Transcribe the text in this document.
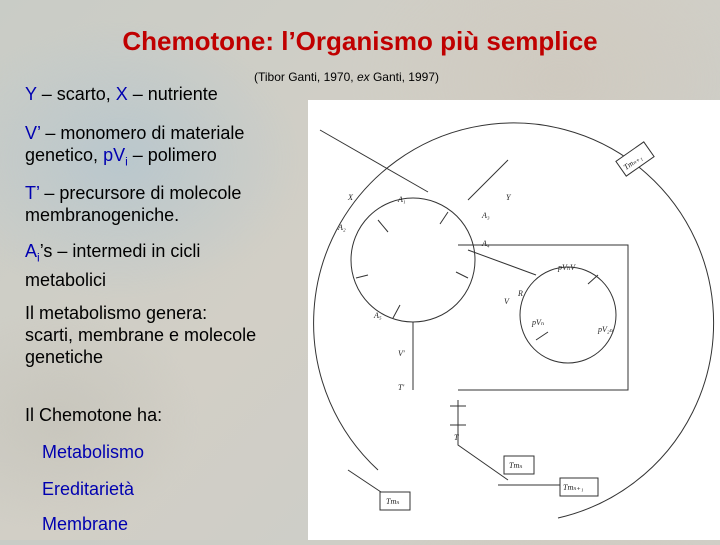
Chemotone: l’Organismo più semplice
(Tibor Ganti, 1970, ex Ganti, 1997)
Y – scarto, X – nutriente
V’ – monomero di materiale
genetico, $pV_i$ – polimero
T’ – precursore di molecole
membranogeniche.
$A_i’s$ – intermedi in cicli
metabolici
Il metabolismo genera:
scarti, membrane e molecole
genetiche
Il Chemotone ha:
Metabolismo
Ereditarietà
Membrane
X	Y
A₁
A₂
A₃
A₄
A₅
pVₙV
pVₙ
pV₂ₙ
V
R
V'
T'
T
Tmₙ₊₁
Tmₙ
Tmₙ₊₁
Tmₙ
